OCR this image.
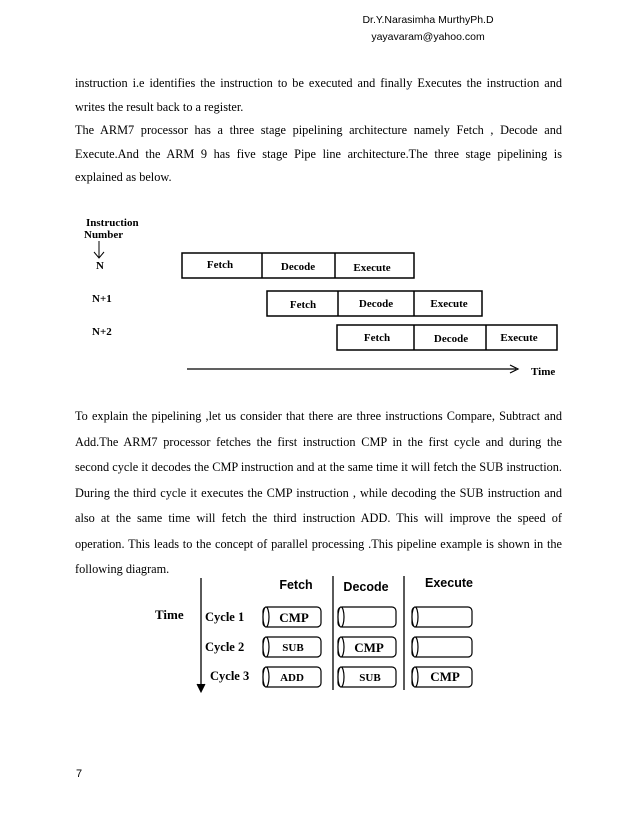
Dr.Y.Narasimha MurthyPh.D
yayavaram@yahoo.com

instruction i.e identifies the instruction to be executed and finally Executes the instruction and writes the result back to a register.

The ARM7 processor has a three stage pipelining architecture namely Fetch , Decode and Execute.And the ARM 9 has five stage Pipe line architecture.The three stage pipelining is explained as below.

Instruction
Number
N
N+1
N+2
Fetch	Decode	Execute
Fetch	Decode	Execute
Fetch	Decode	Execute
Time

To explain the pipelining ,let us consider that there are three instructions Compare, Subtract and Add.The ARM7 processor fetches the first instruction CMP in the first cycle and during the second cycle it decodes the CMP instruction and at the same time it will fetch the SUB instruction. During the third cycle it executes the CMP instruction , while decoding the SUB instruction and also at the same time will fetch the third instruction ADD. This will improve the speed of operation. This leads to the concept of parallel processing .This pipeline example is shown in the following diagram.

Fetch Decode	Execute
Time Cycle 1
Cycle 2
Cycle 3
CMP
SUB	CMP
ADD	SUB	CMP
7
